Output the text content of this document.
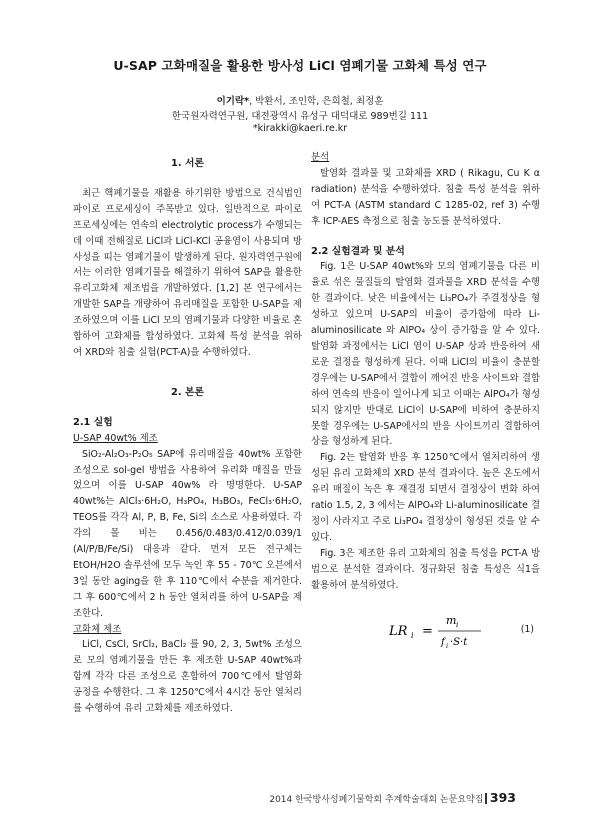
U-SAP 고화매질을 활용한 방사성 LiCl 염폐기물 고화체 특성 연구
이기락*, 박환서, 조인학, 은희철, 최정훈
한국원자력연구원, 대전광역시 유성구 대덕대로 989번길 111
*kirakki@kaeri.re.kr
1. 서론

최근 핵폐기물을 재활용 하기위한 방법으로 건식법인 파이로 프로세싱이 주목받고 있다. 일반적으로 파이로 프로세싱에는 연속의 electrolytic process가 수행되는데 이때 전해질로 LiCl과 LiCl-KCl 공융염이 사용되며 방사성을 띠는 염폐기물이 발생하게 된다. 원자력연구원에서는 이러한 염폐기물을 해결하기 위하여 SAP을 활용한 유리고화체 제조법을 개발하였다. [1,2] 본 연구에서는 개발한 SAP을 개량하여 유리매질을 포함한 U-SAP을 제조하였으며 이를 LiCl 모의 염폐기물과 다양한 비율로 혼합하여 고화체를 합성하였다. 고화체 특성 분석을 위하여 XRD와 침출 실험(PCT-A)을 수행하였다.

2. 본론

2.1 실험

U-SAP 40wt% 제조

SiO₂-Al₂O₃-P₂O₅ SAP에 유리매질을 40wt% 포함한 조성으로 sol-gel 방법을 사용하여 유리화 매질을 만들었으며 이를 U-SAP 40w% 라 명명한다. U-SAP 40wt%는 AlCl₃·6H₂O, H₃PO₄, H₃BO₃, FeCl₃·6H₂O, TEOS를 각각 Al, P, B, Fe, Si의 소스로 사용하였다. 각각의 몰 비는 0.456/0.483/0.412/0.039/1 (Al/P/B/Fe/Si) 대응과 같다. 먼저 모든 전구체는 EtOH/H2O 솔루션에 모두 녹인 후 55 - 70℃ 오븐에서 3일 동안 aging을 한 후 110℃에서 수분을 제거한다. 그 후 600℃에서 2 h 동안 열처리를 하여 U-SAP을 제조한다.

고화체 제조

LiCl, CsCl, SrCl₂, BaCl₂ 를 90, 2, 3, 5wt% 조성으로 모의 염폐기물을 만든 후 제조한 U-SAP 40wt%과 함께 각각 다른 조성으로 혼합하여 700℃에서 탈염화 공정을 수행한다. 그 후 1250℃에서 4시간 동안 열처리를 수행하여 유리 고화체를 제조하였다.

분석

탈염화 결과물 및 고화체를 XRD ( Rikagu, Cu K α radiation) 분석을 수행하였다. 침출 특성 분석을 위하여 PCT-A (ASTM standard C 1285-02, ref 3) 수행 후 ICP-AES 측정으로 침출 농도를 분석하였다.

2.2 실험결과 및 분석

Fig. 1은 U-SAP 40wt%와 모의 염폐기물을 다른 비율로 섞은 물질들의 탈염화 결과물을 XRD 분석을 수행한 결과이다. 낮은 비율에서는 Li₃PO₄가 주결정상을 형성하고 있으며 U-SAP의 비율이 증가함에 따라 Li-aluminosilicate 와 AlPO₄ 상이 증가함을 알 수 있다. 탈염화 과정에서는 LiCl 염이 U-SAP 상과 반응하여 새로운 결정을 형성하게 된다. 이때 LiCl의 비율이 충분할 경우에는 U-SAP에서 결합이 깨어진 반응 사이트와 결합하여 연속의 반응이 일어나게 되고 이때는 AlPO₄가 형성되지 않지만 반대로 LiCl이 U-SAP에 비하여 충분하지 못할 경우에는 U-SAP에서의 반응 사이트끼리 결합하여 상을 형성하게 된다.

Fig. 2는 탈염화 반응 후 1250℃에서 열처리하여 생성된 유리 고화체의 XRD 분석 결과이다. 높은 온도에서 유리 매질이 녹은 후 재결정 되면서 결정상이 변화 하여 ratio 1.5, 2, 3 에서는 AlPO₄와 Li-aluminosilicate 결정이 사라지고 주로 Li₃PO₄ 결정상이 형성된 것을 알 수 있다.

Fig. 3은 제조한 유리 고화체의 침출 특성을 PCT-A 방법으로 분석한 결과이다. 정규화된 침출 특성은 식1을 활용하여 분석하였다.

LR i =
m i
f i ·S·t
(1)
2014 한국방사성폐기물학회 추계학술대회 논문요약집 393
